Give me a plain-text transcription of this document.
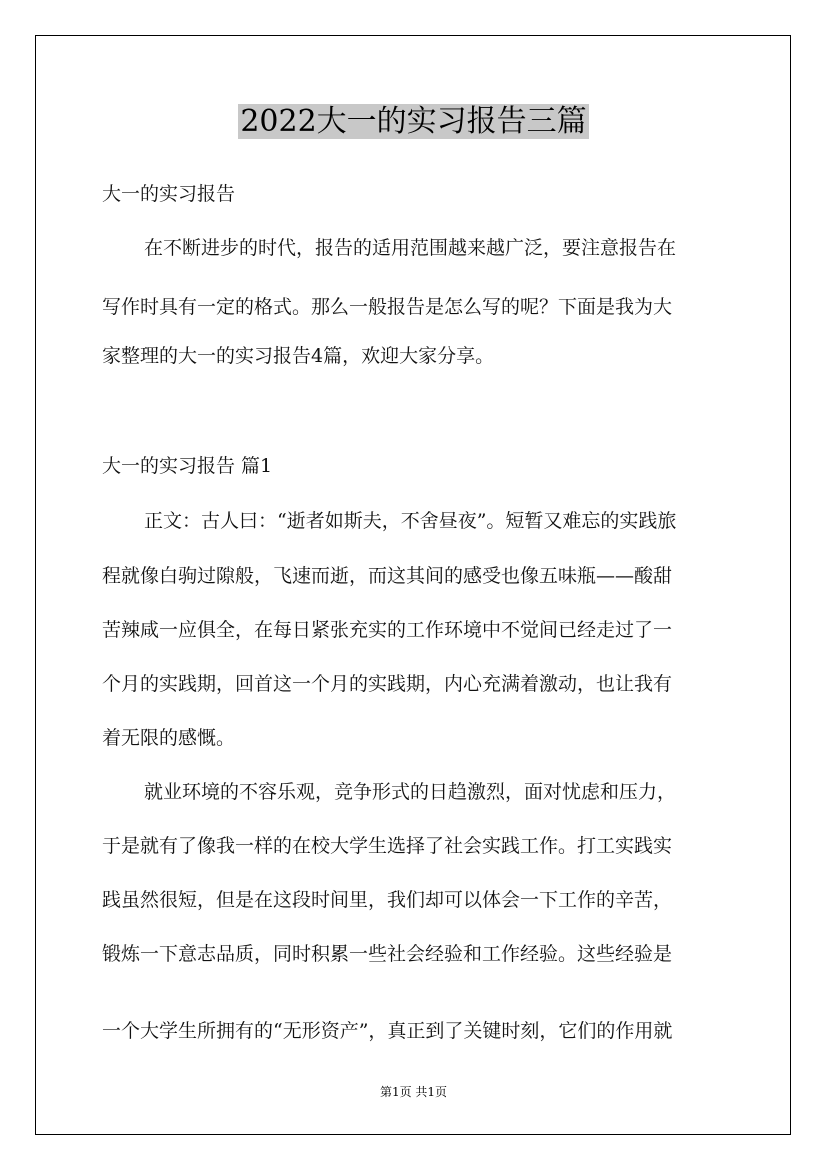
2022大一的实习报告三篇
大一的实习报告
在不断进步的时代，报告的适用范围越来越广泛，要注意报告在
写作时具有一定的格式。那么一般报告是怎么写的呢？下面是我为大
家整理的大一的实习报告4篇，欢迎大家分享。
大一的实习报告 篇1
正文：古人曰：“逝者如斯夫，不舍昼夜”。短暂又难忘的实践旅
程就像白驹过隙般，飞速而逝，而这其间的感受也像五味瓶——酸甜
苦辣咸一应俱全，在每日紧张充实的工作环境中不觉间已经走过了一
个月的实践期，回首这一个月的实践期，内心充满着激动，也让我有
着无限的感慨。
就业环境的不容乐观，竞争形式的日趋激烈，面对忧虑和压力，
于是就有了像我一样的在校大学生选择了社会实践工作。打工实践实
践虽然很短，但是在这段时间里，我们却可以体会一下工作的辛苦，
锻炼一下意志品质，同时积累一些社会经验和工作经验。这些经验是
一个大学生所拥有的“无形资产”，真正到了关键时刻，它们的作用就
第1页 共1页
